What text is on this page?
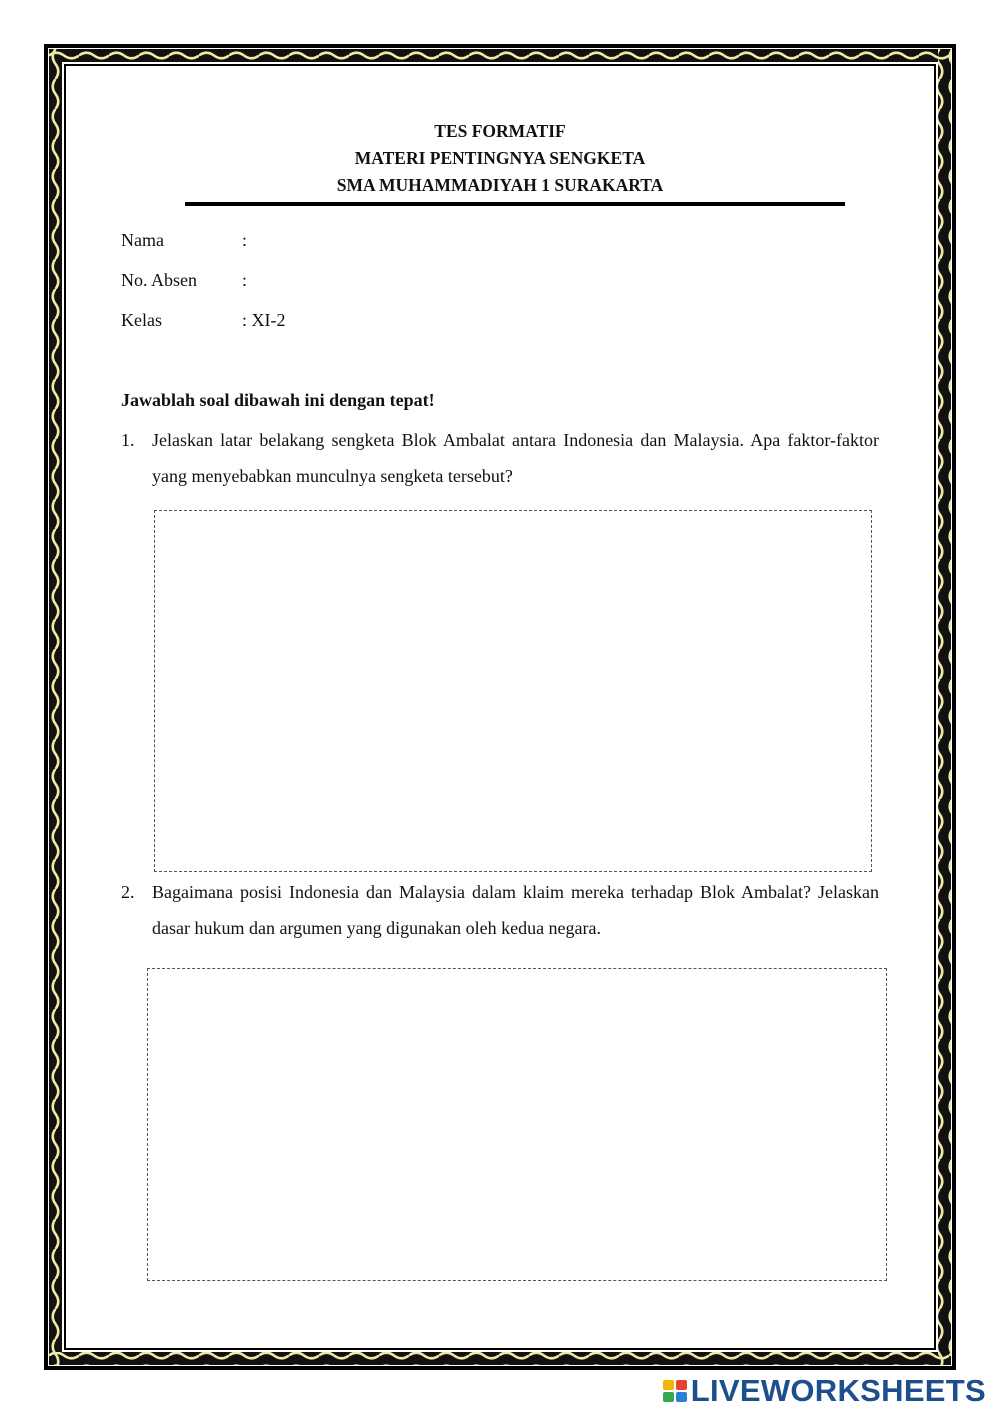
TES FORMATIF
MATERI PENTINGNYA SENGKETA
SMA MUHAMMADIYAH 1 SURAKARTA
Nama	:
No. Absen	:
Kelas	: XI-2
Jawablah soal dibawah ini dengan tepat!
1. Jelaskan latar belakang sengketa Blok Ambalat antara Indonesia dan Malaysia. Apa faktor-faktor yang menyebabkan munculnya sengketa tersebut?
2. Bagaimana posisi Indonesia dan Malaysia dalam klaim mereka terhadap Blok Ambalat? Jelaskan dasar hukum dan argumen yang digunakan oleh kedua negara.
LIVEWORKSHEETS
